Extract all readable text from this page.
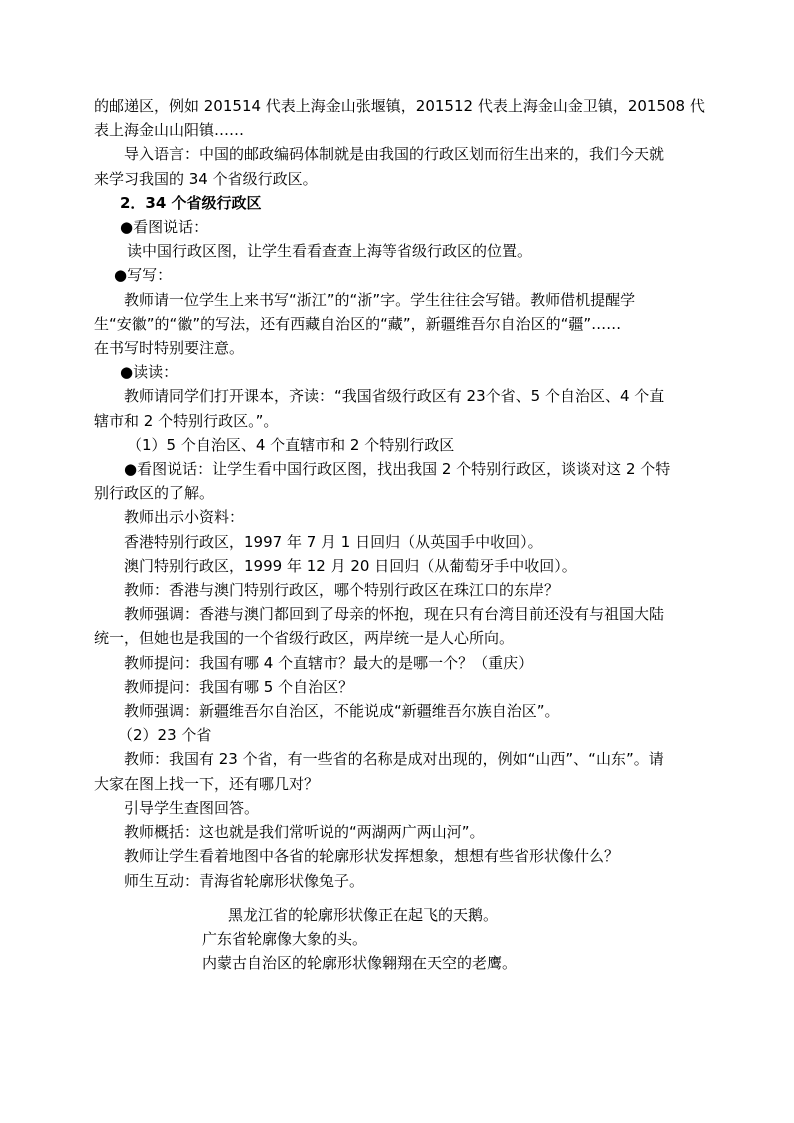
的邮递区，例如 201514 代表上海金山张堰镇，201512 代表上海金山金卫镇，201508 代

表上海金山山阳镇……

导入语言：中国的邮政编码体制就是由我国的行政区划而衍生出来的，我们今天就

来学习我国的 34 个省级行政区。

2．34 个省级行政区

●看图说话：

读中国行政区图，让学生看看查查上海等省级行政区的位置。

●写写：

教师请一位学生上来书写“浙江”的“浙”字。学生往往会写错。教师借机提醒学

生“安徽”的“徽”的写法，还有西藏自治区的“藏”，新疆维吾尔自治区的“疆”……

在书写时特别要注意。

●读读：

教师请同学们打开课本，齐读：“我国省级行政区有 23个省、5 个自治区、4 个直

辖市和 2 个特别行政区。”。

（1）5 个自治区、4 个直辖市和 2 个特别行政区

●看图说话：让学生看中国行政区图，找出我国 2 个特别行政区，谈谈对这 2 个特

别行政区的了解。

教师出示小资料：

香港特别行政区，1997 年 7 月 1 日回归（从英国手中收回）。

澳门特别行政区，1999 年 12 月 20 日回归（从葡萄牙手中收回）。

教师：香港与澳门特别行政区，哪个特别行政区在珠江口的东岸？

教师强调：香港与澳门都回到了母亲的怀抱，现在只有台湾目前还没有与祖国大陆

统一，但她也是我国的一个省级行政区，两岸统一是人心所向。

教师提问：我国有哪 4 个直辖市？最大的是哪一个？（重庆）

教师提问：我国有哪 5 个自治区？

教师强调：新疆维吾尔自治区，不能说成“新疆维吾尔族自治区”。

（2）23 个省

教师：我国有 23 个省，有一些省的名称是成对出现的，例如“山西”、“山东”。请

大家在图上找一下，还有哪几对？

引导学生查图回答。

教师概括：这也就是我们常听说的“两湖两广两山河”。

教师让学生看着地图中各省的轮廓形状发挥想象，想想有些省形状像什么？

师生互动：青海省轮廓形状像兔子。

黑龙江省的轮廓形状像正在起飞的天鹅。

广东省轮廓像大象的头。

内蒙古自治区的轮廓形状像翱翔在天空的老鹰。
